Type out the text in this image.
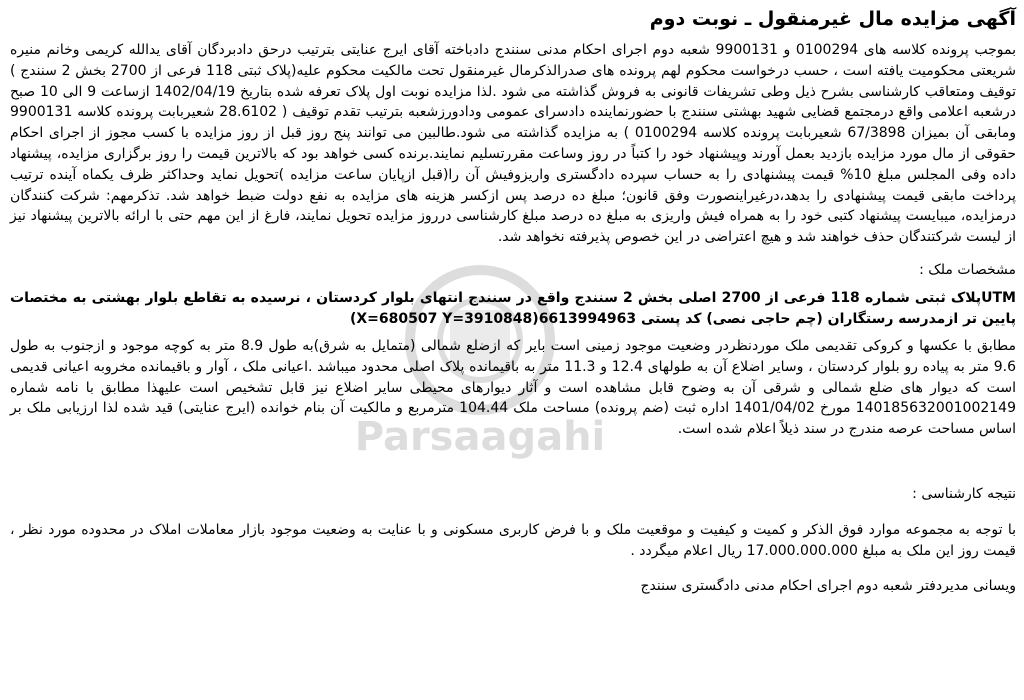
Parsaagahi
آگهی مزایده مال غیرمنقول ـ نوبت دوم

بموجب پرونده کلاسه های 0100294 و 9900131 شعبه دوم اجرای احکام مدنی سنندج دادباخته آقای ایرج عنایتی بترتیب درحق دادبردگان آقای یدالله کریمی وخانم منیره شریعتی محکومیت یافته است ، حسب درخواست محکوم لهم پرونده های صدرالذکرمال غیرمنقول تحت مالکیت محکوم علیه(پلاک ثبتی 118 فرعی از 2700 بخش 2 سنندج ) توقیف ومتعاقب کارشناسی بشرح ذیل وطی تشریفات قانونی به فروش گذاشته می شود .لذا مزایده نوبت اول پلاک تعرفه شده بتاریخ 1402/04/19 ازساعت 9 الی 10 صبح درشعبه اعلامی واقع درمجتمع قضایی شهید بهشتی سنندج با حضورنماینده دادسرای عمومی ودادورزشعبه بترتیب تقدم توقیف ( 28.6102 شعیربابت پرونده کلاسه 9900131 ومابقی آن بمیزان 67/3898 شعیربابت پرونده کلاسه 0100294 ) به مزایده گذاشته می شود.طالبین می توانند پنج روز قبل از روز مزایده با کسب مجوز از اجرای احکام حقوقی از مال مورد مزایده بازدید بعمل آورند وپیشنهاد خود را کتباً در روز وساعت مقررتسلیم نمایند.برنده کسی خواهد بود که بالاترین قیمت را روز برگزاری مزایده، پیشنهاد داده وفی المجلس مبلغ 10% قیمت پیشنهادی را به حساب سپرده دادگستری واریزوفیش آن را(قبل ازپایان ساعت مزایده )تحویل نماید وحداکثر ظرف یکماه آینده ترتیب پرداخت مابقی قیمت پیشنهادی را بدهد،درغیراینصورت وفق قانون؛ مبلغ ده درصد پس ازکسر هزینه های مزایده به نفع دولت ضبط خواهد شد. تذکرمهم: شرکت کنندگان درمزایده، میبایست پیشنهاد کتبی خود را به همراه فیش واریزی به مبلغ ده درصد مبلغ کارشناسی درروز مزایده تحویل نمایند، فارغ از این مهم حتی با ارائه بالاترین پیشنهاد نیز از لیست شرکتندگان حذف خواهند شد و هیچ اعتراضی در این خصوص پذیرفته نخواهد شد.

مشخصات ملک :

UTMپلاک ثبتی شماره 118 فرعی از 2700 اصلی بخش 2 سنندج واقع در سنندج انتهای بلوار کردستان ، نرسیده به تقاطع بلوار بهشتی به مختصات پایین تر ازمدرسه رستگاران (چم حاجی نصی) کد پستی 6613994963(X=680507 Y=3910848)

مطابق با عکسها و کروکی تقدیمی ملک موردنظردر وضعیت موجود زمینی است بایر که ازضلع شمالی (متمایل به شرق)به طول 8.9 متر به کوچه موجود و ازجنوب به طول 9.6 متر به پیاده رو بلوار کردستان ، وسایر اضلاع آن به طولهای 12.4 و 11.3 متر به باقیمانده پلاک اصلی محدود میباشد .اعیانی ملک ، آوار و باقیمانده مخروبه اعیانی قدیمی است که دیوار های ضلع شمالی و شرقی آن به وضوح قابل مشاهده است و آثار دیوارهای محیطی سایر اضلاع نیز قابل تشخیص است علیهذا مطابق با نامه شماره 14018563200100214‌9 مورخ 1401/04/02 اداره ثبت (ضم پرونده) مساحت ملک 104.44 مترمربع و مالکیت آن بنام خوانده (ایرج عنایتی) قید شده لذا ارزیابی ملک بر اساس مساحت عرصه مندرج در سند ذیلاً اعلام شده است.

نتیجه کارشناسی :

با توجه به مجموعه موارد فوق الذکر و کمیت و کیفیت و موقعیت ملک و با فرض کاربری مسکونی و با عنایت به وضعیت موجود بازار معاملات املاک در محدوده مورد نظر ، قیمت روز این ملک به مبلغ 17.000.000.000 ریال اعلام میگردد .

ویسانی مدیردفتر شعبه دوم اجرای احکام مدنی دادگستری سنندج
